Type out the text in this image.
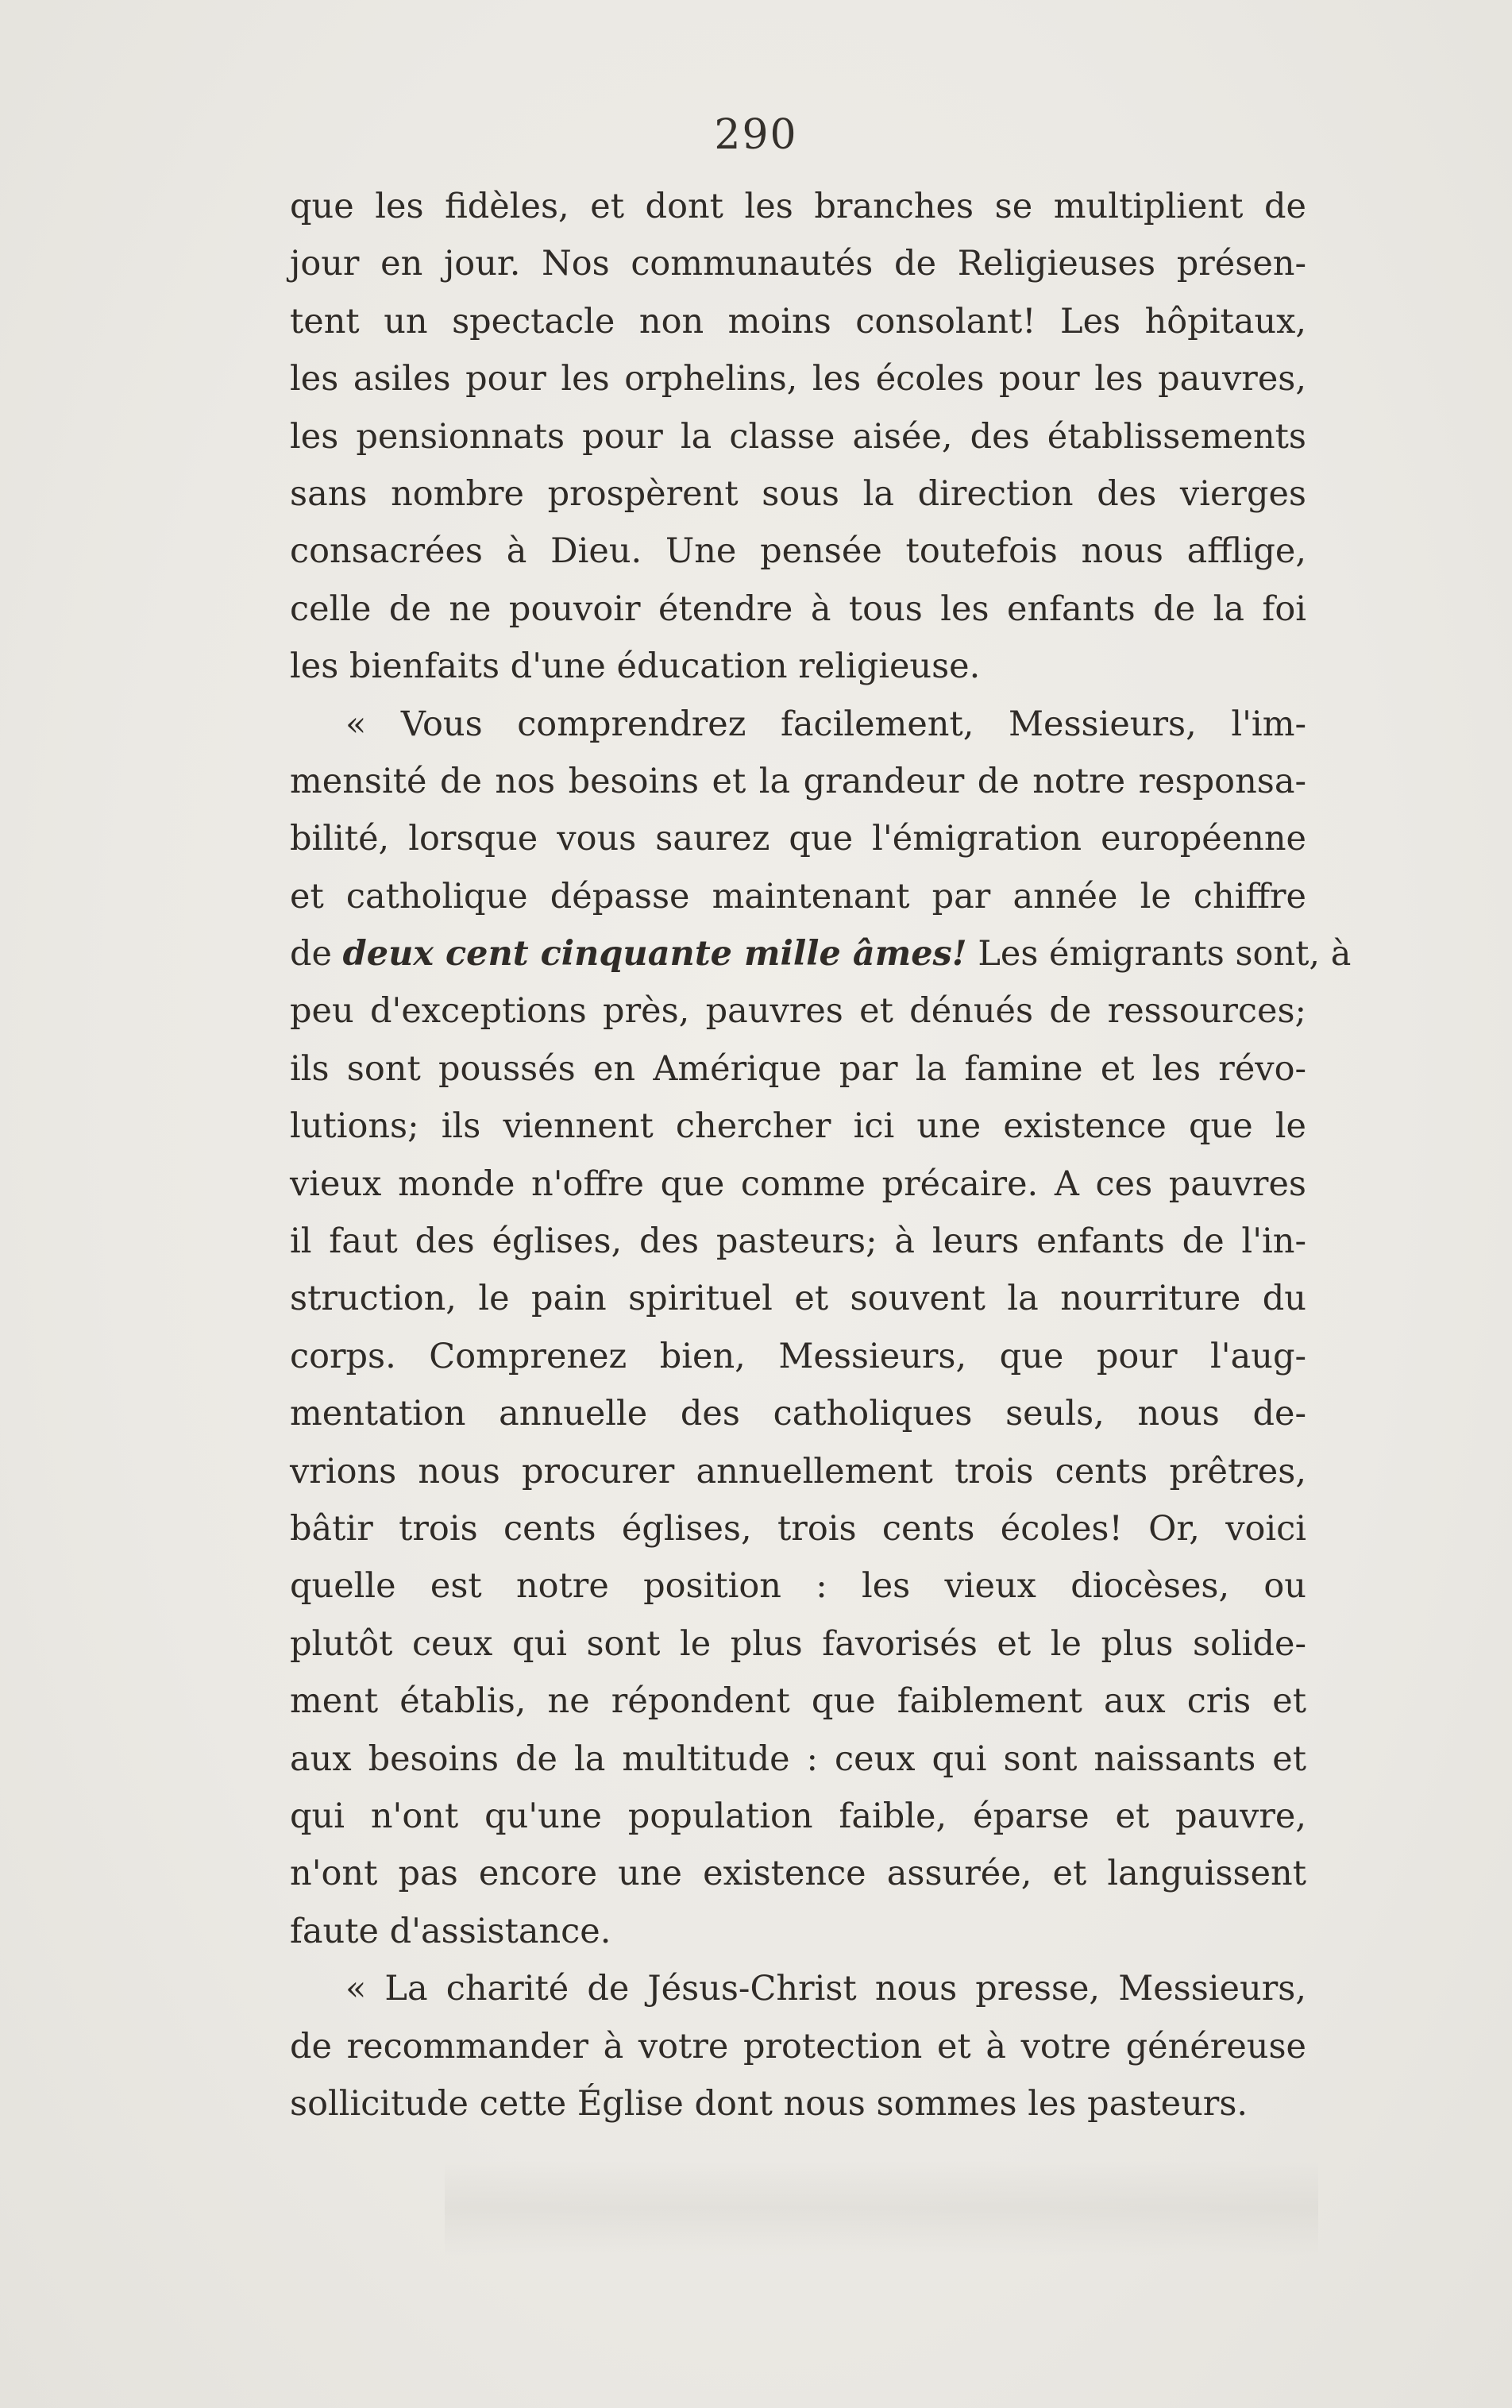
290
que les fidèles, et dont les branches se multiplient de
jour en jour. Nos communautés de Religieuses présen-
tent un spectacle non moins consolant! Les hôpitaux,
les asiles pour les orphelins, les écoles pour les pauvres,
les pensionnats pour la classe aisée, des établissements
sans nombre prospèrent sous la direction des vierges
consacrées à Dieu. Une pensée toutefois nous afflige,
celle de ne pouvoir étendre à tous les enfants de la foi
les bienfaits d'une éducation religieuse.
« Vous comprendrez facilement, Messieurs, l'im-
mensité de nos besoins et la grandeur de notre responsa-
bilité, lorsque vous saurez que l'émigration européenne
et catholique dépasse maintenant par année le chiffre
de deux cent cinquante mille âmes! Les émigrants sont, à
peu d'exceptions près, pauvres et dénués de ressources;
ils sont poussés en Amérique par la famine et les révo-
lutions; ils viennent chercher ici une existence que le
vieux monde n'offre que comme précaire. A ces pauvres
il faut des églises, des pasteurs; à leurs enfants de l'in-
struction, le pain spirituel et souvent la nourriture du
corps. Comprenez bien, Messieurs, que pour l'aug-
mentation annuelle des catholiques seuls, nous de-
vrions nous procurer annuellement trois cents prêtres,
bâtir trois cents églises, trois cents écoles! Or, voici
quelle est notre position : les vieux diocèses, ou
plutôt ceux qui sont le plus favorisés et le plus solide-
ment établis, ne répondent que faiblement aux cris et
aux besoins de la multitude : ceux qui sont naissants et
qui n'ont qu'une population faible, éparse et pauvre,
n'ont pas encore une existence assurée, et languissent
faute d'assistance.
« La charité de Jésus-Christ nous presse, Messieurs,
de recommander à votre protection et à votre généreuse
sollicitude cette Église dont nous sommes les pasteurs.
